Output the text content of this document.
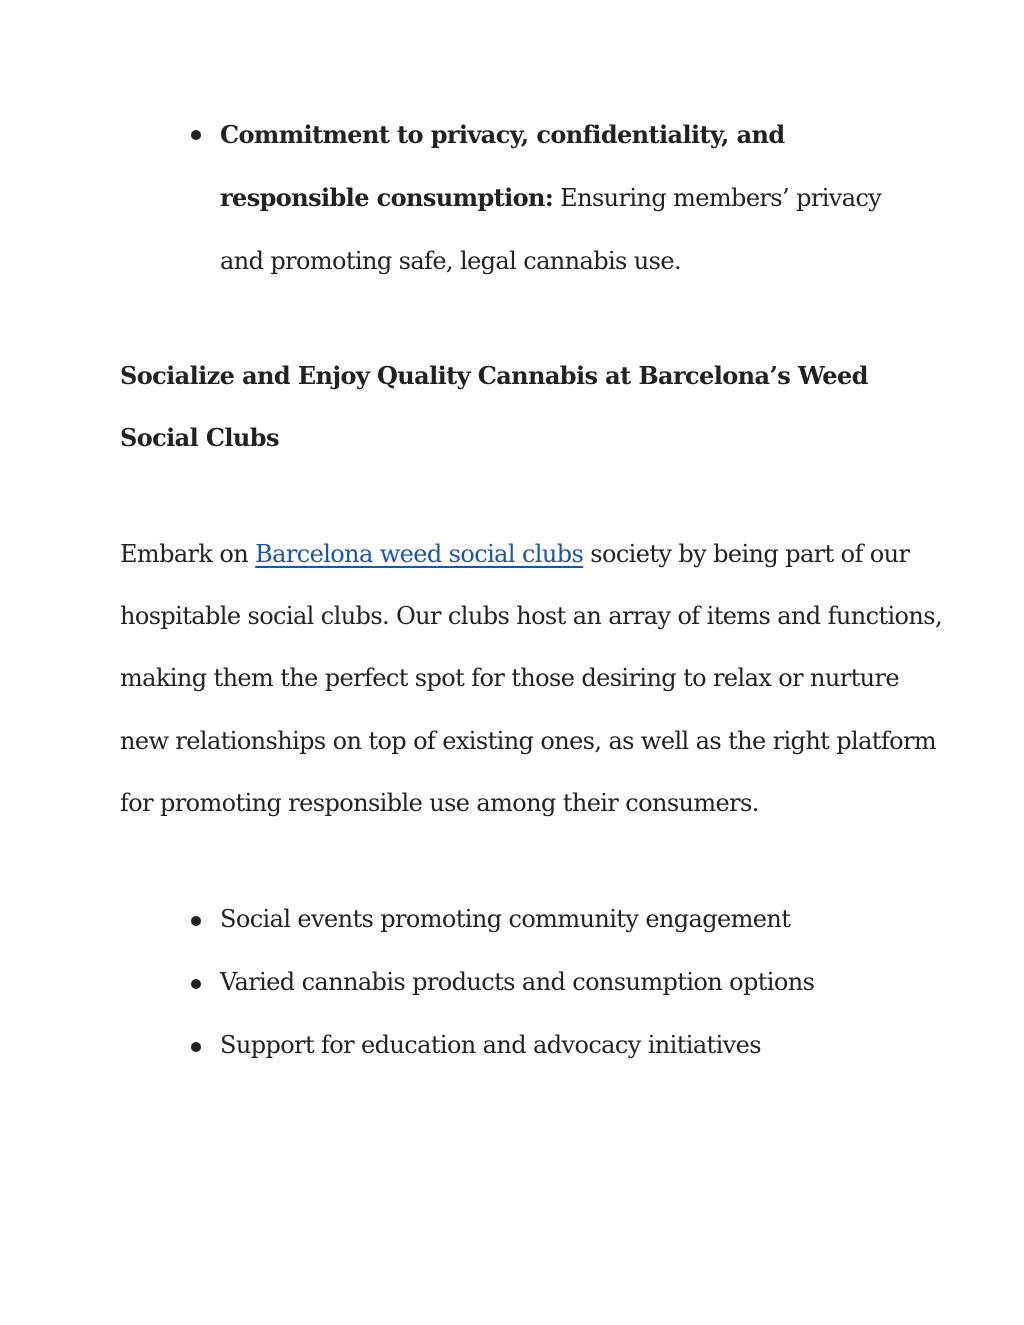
Commitment to privacy, confidentiality, and
responsible consumption: Ensuring members’ privacy
and promoting safe, legal cannabis use.
Socialize and Enjoy Quality Cannabis at Barcelona’s Weed
Social Clubs
Embark on Barcelona weed social clubs society by being part of our
hospitable social clubs. Our clubs host an array of items and functions,
making them the perfect spot for those desiring to relax or nurture
new relationships on top of existing ones, as well as the right platform
for promoting responsible use among their consumers.
Social events promoting community engagement
Varied cannabis products and consumption options
Support for education and advocacy initiatives
